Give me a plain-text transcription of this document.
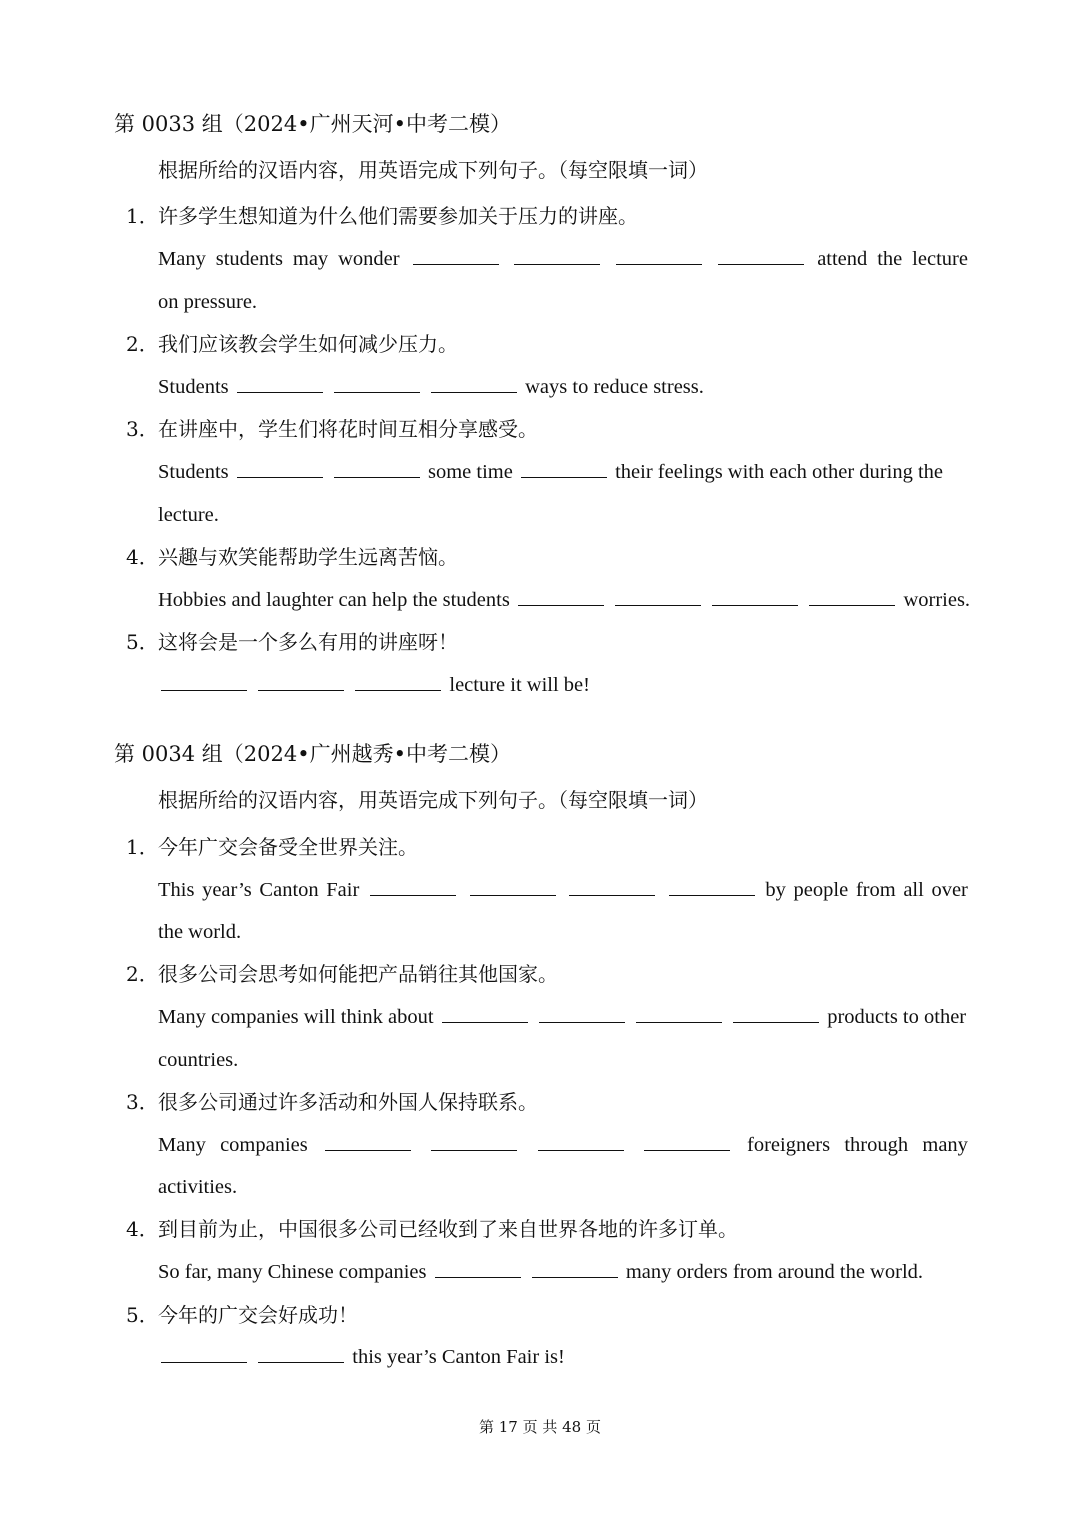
第 0033 组（2024•广州天河•中考二模）
根据所给的汉语内容，用英语完成下列句子。（每空限填一词）
1． 许多学生想知道为什么他们需要参加关于压力的讲座。
Many students may wonder	attend the lecture
on pressure.
2． 我们应该教会学生如何减少压力。
Students	ways to reduce stress.
3． 在讲座中，学生们将花时间互相分享感受。
Students	some time	their feelings with each other during the
lecture.
4． 兴趣与欢笑能帮助学生远离苦恼。
Hobbies and laughter can help the students	worries.
5． 这将会是一个多么有用的讲座呀！
lecture it will be!
第 0034 组（2024•广州越秀•中考二模）
根据所给的汉语内容，用英语完成下列句子。（每空限填一词）
1． 今年广交会备受全世界关注。
This year’s Canton Fair	by people from all over
the world.
2． 很多公司会思考如何能把产品销往其他国家。
Many companies will think about	products to other
countries.
3． 很多公司通过许多活动和外国人保持联系。
Many companies	foreigners through many
activities.
4． 到目前为止，中国很多公司已经收到了来自世界各地的许多订单。
So far, many Chinese companies	many orders from around the world.
5． 今年的广交会好成功！
this year’s Canton Fair is!
第 17 页 共 48 页
